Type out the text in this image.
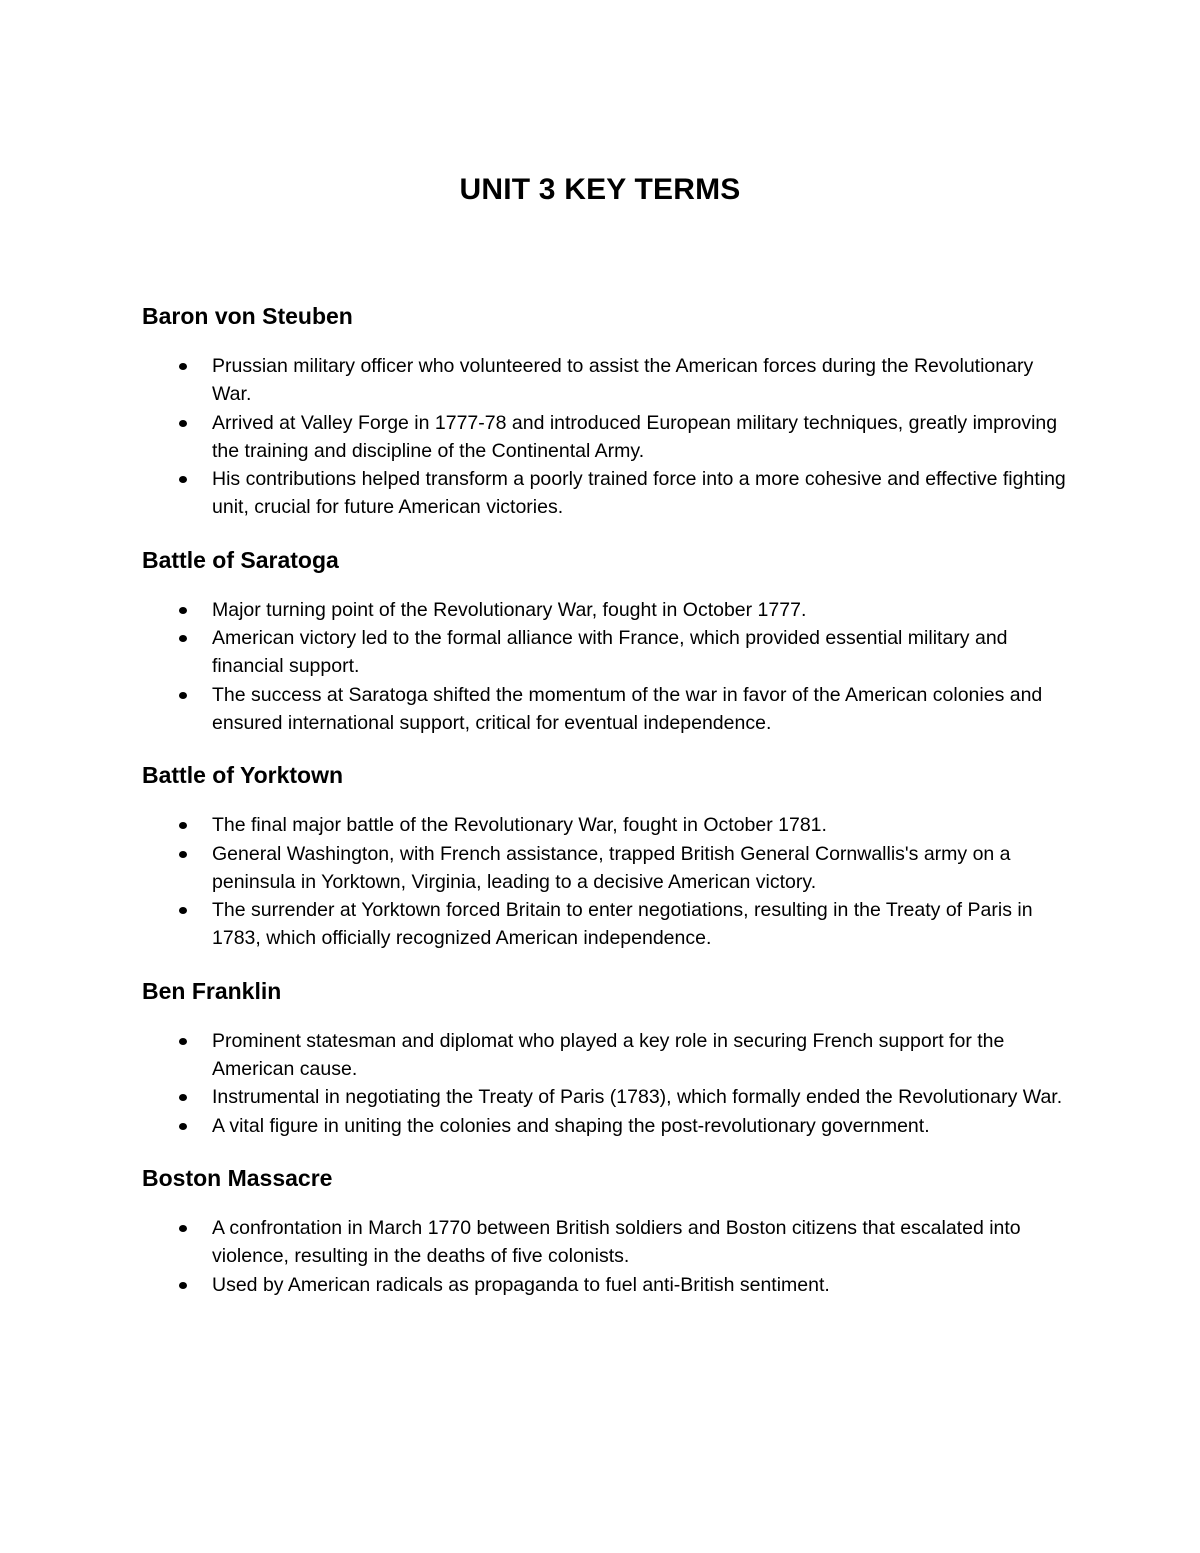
UNIT 3 KEY TERMS
Baron von Steuben
Prussian military officer who volunteered to assist the American forces during the Revolutionary War.
Arrived at Valley Forge in 1777-78 and introduced European military techniques, greatly improving the training and discipline of the Continental Army.
His contributions helped transform a poorly trained force into a more cohesive and effective fighting unit, crucial for future American victories.
Battle of Saratoga
Major turning point of the Revolutionary War, fought in October 1777.
American victory led to the formal alliance with France, which provided essential military and financial support.
The success at Saratoga shifted the momentum of the war in favor of the American colonies and ensured international support, critical for eventual independence.
Battle of Yorktown
The final major battle of the Revolutionary War, fought in October 1781.
General Washington, with French assistance, trapped British General Cornwallis's army on a peninsula in Yorktown, Virginia, leading to a decisive American victory.
The surrender at Yorktown forced Britain to enter negotiations, resulting in the Treaty of Paris in 1783, which officially recognized American independence.
Ben Franklin
Prominent statesman and diplomat who played a key role in securing French support for the American cause.
Instrumental in negotiating the Treaty of Paris (1783), which formally ended the Revolutionary War.
A vital figure in uniting the colonies and shaping the post-revolutionary government.
Boston Massacre
A confrontation in March 1770 between British soldiers and Boston citizens that escalated into violence, resulting in the deaths of five colonists.
Used by American radicals as propaganda to fuel anti-British sentiment.
